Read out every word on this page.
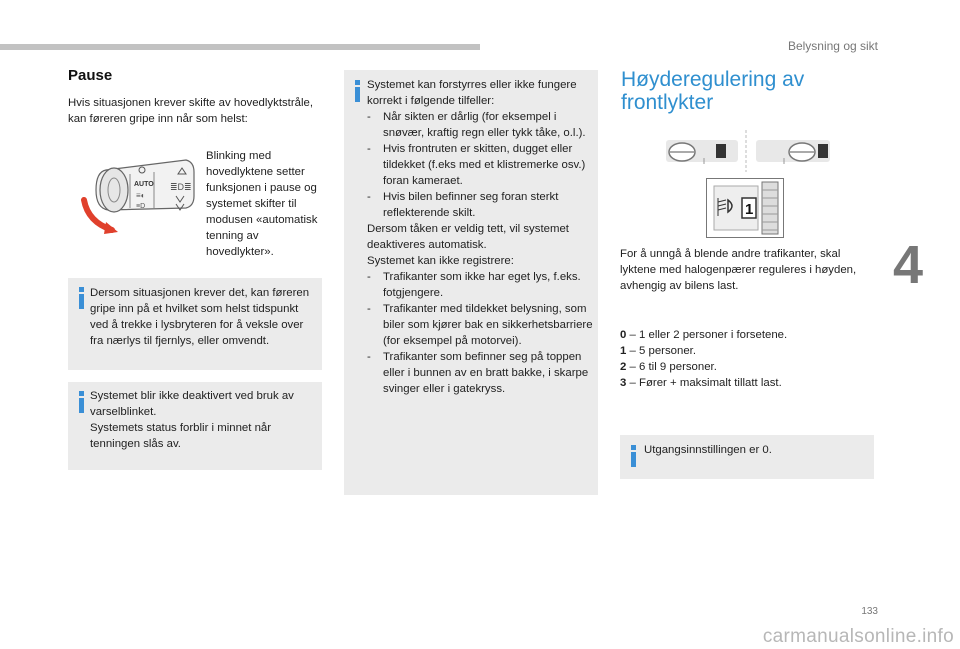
Belysning og sikt
4
133
carmanualsonline.info
Pause
Hvis situasjonen krever skifte av hovedlyktstråle, kan føreren gripe inn når som helst:
AUTO
≡◐
≡D
≣D≣
Blinking med hovedlyktene setter funksjonen i pause og systemet skifter til modusen «automatisk tenning av hovedlykter».
Dersom situasjonen krever det, kan føreren gripe inn på et hvilket som helst tidspunkt ved å trekke i lysbryteren for å veksle over fra nærlys til fjernlys, eller omvendt.
Systemet blir ikke deaktivert ved bruk av varselblinket.
Systemets status forblir i minnet når tenningen slås av.
Systemet kan forstyrres eller ikke fungere korrekt i følgende tilfeller:
- Når sikten er dårlig (for eksempel i snøvær, kraftig regn eller tykk tåke, o.l.).
- Hvis frontruten er skitten, dugget eller tildekket (f.eks med et klistremerke osv.) foran kameraet.
- Hvis bilen befinner seg foran sterkt reflekterende skilt.
Dersom tåken er veldig tett, vil systemet deaktiveres automatisk.
Systemet kan ikke registrere:
- Trafikanter som ikke har eget lys, f.eks. fotgjengere.
- Trafikanter med tildekket belysning, som biler som kjører bak en sikkerhetsbarriere (for eksempel på motorvei).
- Trafikanter som befinner seg på toppen eller i bunnen av en bratt bakke, i skarpe svinger eller i gatekryss.
Høyderegulering av frontlykter
1
For å unngå å blende andre trafikanter, skal lyktene med halogenpærer reguleres i høyden, avhengig av bilens last.
0 – 1 eller 2 personer i forsetene.
1 – 5 personer.
2 – 6 til 9 personer.
3 – Fører + maksimalt tillatt last.
Utgangsinnstillingen er 0.
